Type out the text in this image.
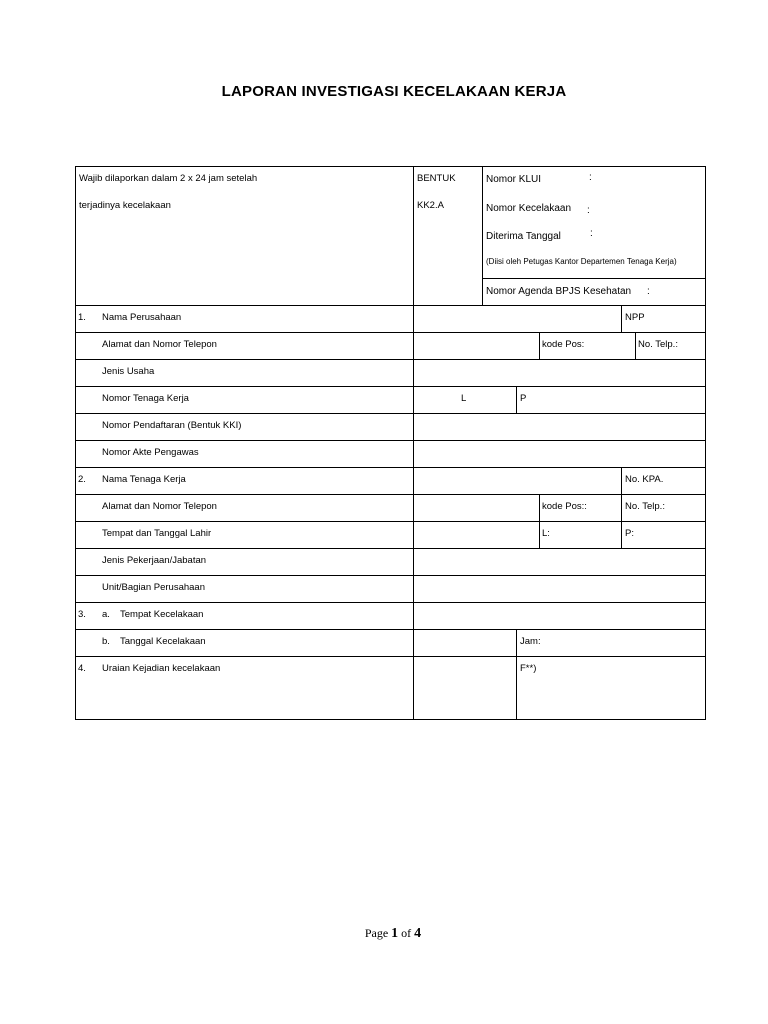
LAPORAN INVESTIGASI KECELAKAAN KERJA
Wajib dilaporkan dalam 2 x 24 jam setelah
terjadinya kecelakaan
BENTUK
KK2.A
Nomor KLUI	:
Nomor Kecelakaan :
Diterima Tanggal	:
(Diisi oleh Petugas Kantor Departemen Tenaga Kerja)
Nomor Agenda BPJS Kesehatan :
1. Nama Perusahaan	NPP
Alamat dan Nomor Telepon	kode Pos:	No. Telp.:
Jenis Usaha
Nomor Tenaga Kerja	L	P
Nomor Pendaftaran (Bentuk KKI)
Nomor Akte Pengawas
2. Nama Tenaga Kerja	No. KPA.
Alamat dan Nomor Telepon	kode Pos::	No. Telp.:
Tempat dan Tanggal Lahir	L:	P:
Jenis Pekerjaan/Jabatan
Unit/Bagian Perusahaan
3. a. Tempat Kecelakaan
b. Tanggal Kecelakaan	Jam:
4. Uraian Kejadian kecelakaan	F**)
Page 1 of 4
